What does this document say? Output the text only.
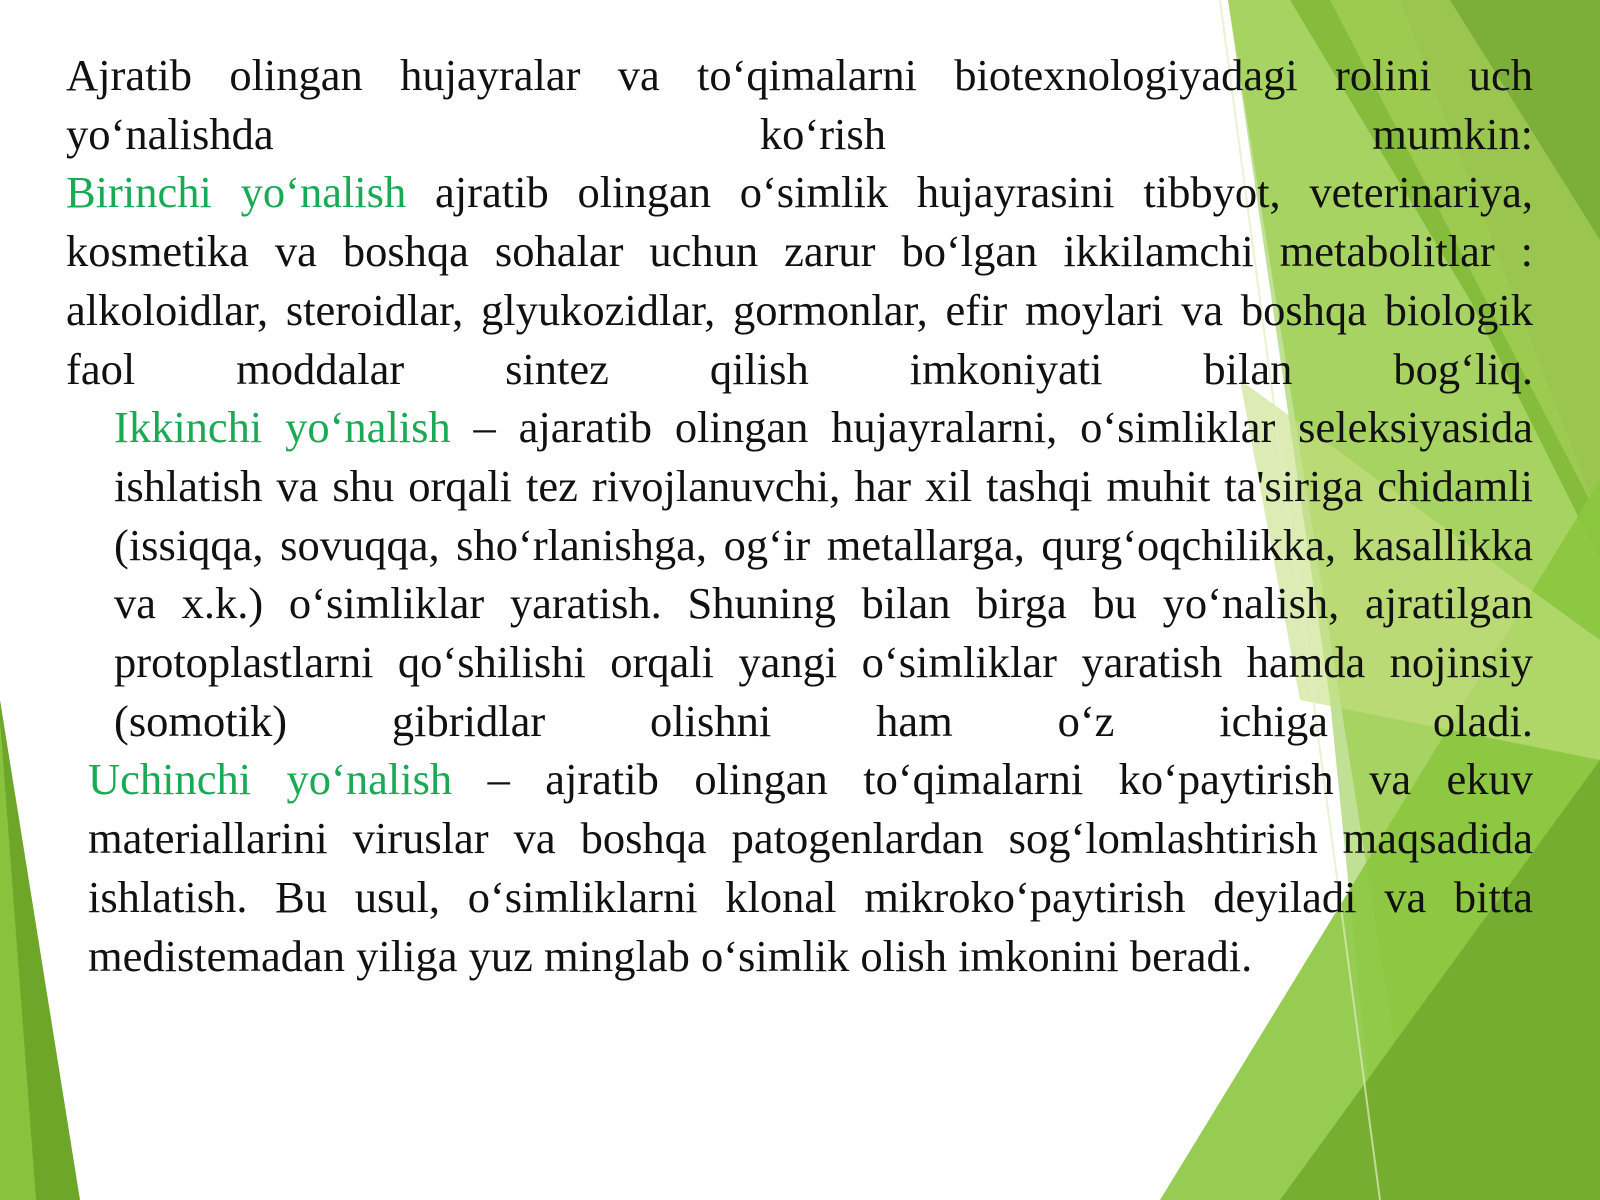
Ajratib olingan hujayralar va to‘qimalarni biotexnologiyadagi rolini uch yo‘nalishda ko‘rish mumkin:

Birinchi yo‘nalish ajratib olingan o‘simlik hujayrasini tibbyot, veterinariya, kosmetika va boshqa sohalar uchun zarur bo‘lgan ikkilamchi metabolitlar : alkoloidlar, steroidlar, glyukozidlar, gormonlar, efir moylari va boshqa biologik faol moddalar sintez qilish imkoniyati bilan bog‘liq.

Ikkinchi yo‘nalish – ajaratib olingan hujayralarni, o‘simliklar seleksiyasida ishlatish va shu orqali tez rivojlanuvchi, har xil tashqi muhit ta'siriga chidamli (issiqqa, sovuqqa, sho‘rlanishga, og‘ir metallarga, qurg‘oqchilikka, kasallikka va x.k.) o‘simliklar yaratish. Shuning bilan birga bu yo‘nalish, ajratilgan protoplastlarni qo‘shilishi orqali yangi o‘simliklar yaratish hamda nojinsiy (somotik) gibridlar olishni ham o‘z ichiga oladi.

Uchinchi yo‘nalish – ajratib olingan to‘qimalarni ko‘paytirish va ekuv materiallarini viruslar va boshqa patogenlardan sog‘lomlashtirish maqsadida ishlatish. Bu usul, o‘simliklarni klonal mikroko‘paytirish deyiladi va bitta medistemadan yiliga yuz minglab o‘simlik olish imkonini beradi.
